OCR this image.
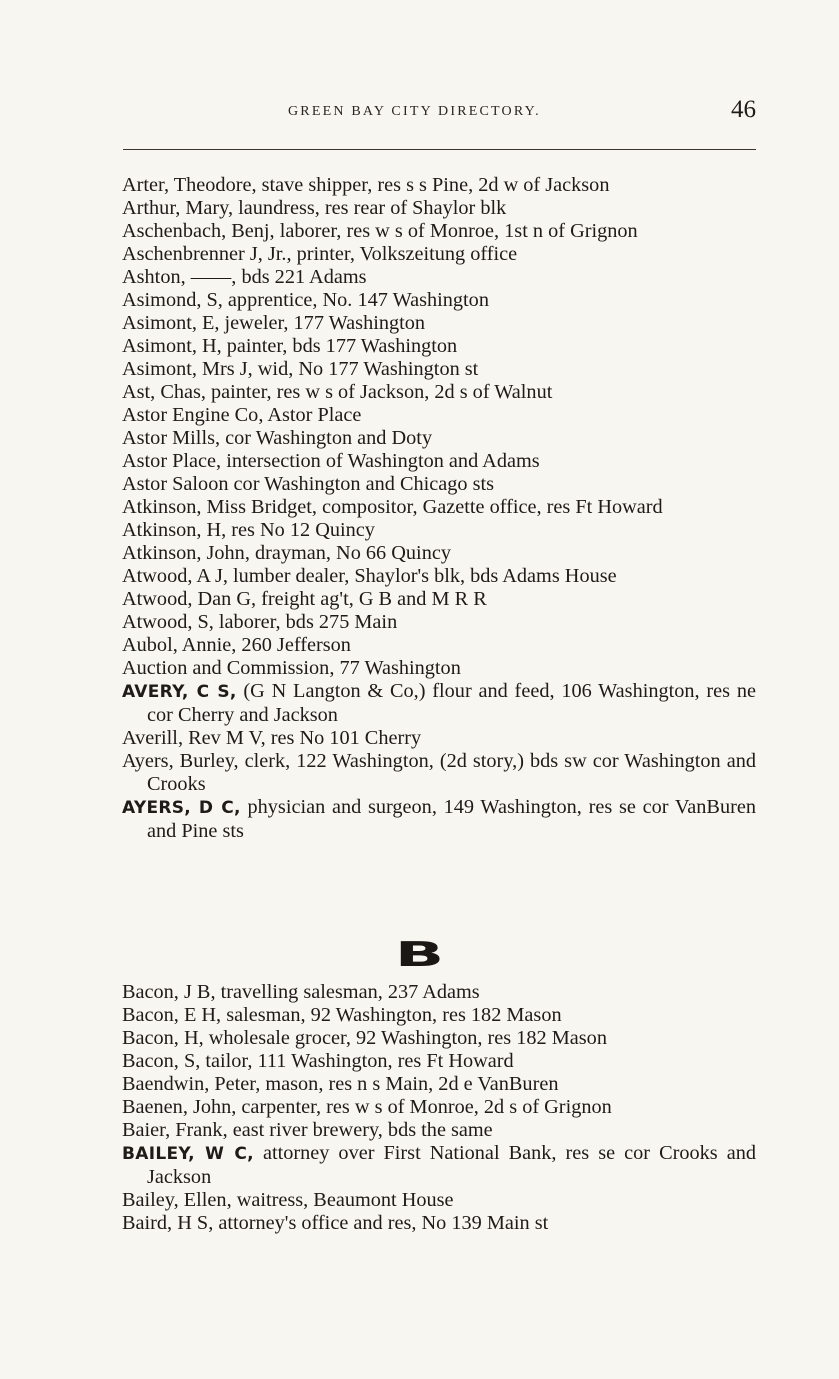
GREEN BAY CITY DIRECTORY.	46
Arter, Theodore, stave shipper, res s s Pine, 2d w of Jackson
Arthur, Mary, laundress, res rear of Shaylor blk
Aschenbach, Benj, laborer, res w s of Monroe, 1st n of Grignon
Aschenbrenner J, Jr., printer, Volkszeitung office
Ashton, ——, bds 221 Adams
Asimond, S, apprentice, No. 147 Washington
Asimont, E, jeweler, 177 Washington
Asimont, H, painter, bds 177 Washington
Asimont, Mrs J, wid, No 177 Washington st
Ast, Chas, painter, res w s of Jackson, 2d s of Walnut
Astor Engine Co, Astor Place
Astor Mills, cor Washington and Doty
Astor Place, intersection of Washington and Adams
Astor Saloon cor Washington and Chicago sts
Atkinson, Miss Bridget, compositor, Gazette office, res Ft Howard
Atkinson, H, res No 12 Quincy
Atkinson, John, drayman, No 66 Quincy
Atwood, A J, lumber dealer, Shaylor's blk, bds Adams House
Atwood, Dan G, freight ag't, G B and M R R
Atwood, S, laborer, bds 275 Main
Aubol, Annie, 260 Jefferson
Auction and Commission, 77 Washington
AVERY, C S, (G N Langton & Co,) flour and feed, 106 Washington, res ne cor Cherry and Jackson
Averill, Rev M V, res No 101 Cherry
Ayers, Burley, clerk, 122 Washington, (2d story,) bds sw cor Washington and Crooks
AYERS, D C, physician and surgeon, 149 Washington, res se cor VanBuren and Pine sts
B
Bacon, J B, travelling salesman, 237 Adams
Bacon, E H, salesman, 92 Washington, res 182 Mason
Bacon, H, wholesale grocer, 92 Washington, res 182 Mason
Bacon, S, tailor, 111 Washington, res Ft Howard
Baendwin, Peter, mason, res n s Main, 2d e VanBuren
Baenen, John, carpenter, res w s of Monroe, 2d s of Grignon
Baier, Frank, east river brewery, bds the same
BAILEY, W C, attorney over First National Bank, res se cor Crooks and Jackson
Bailey, Ellen, waitress, Beaumont House
Baird, H S, attorney's office and res, No 139 Main st
